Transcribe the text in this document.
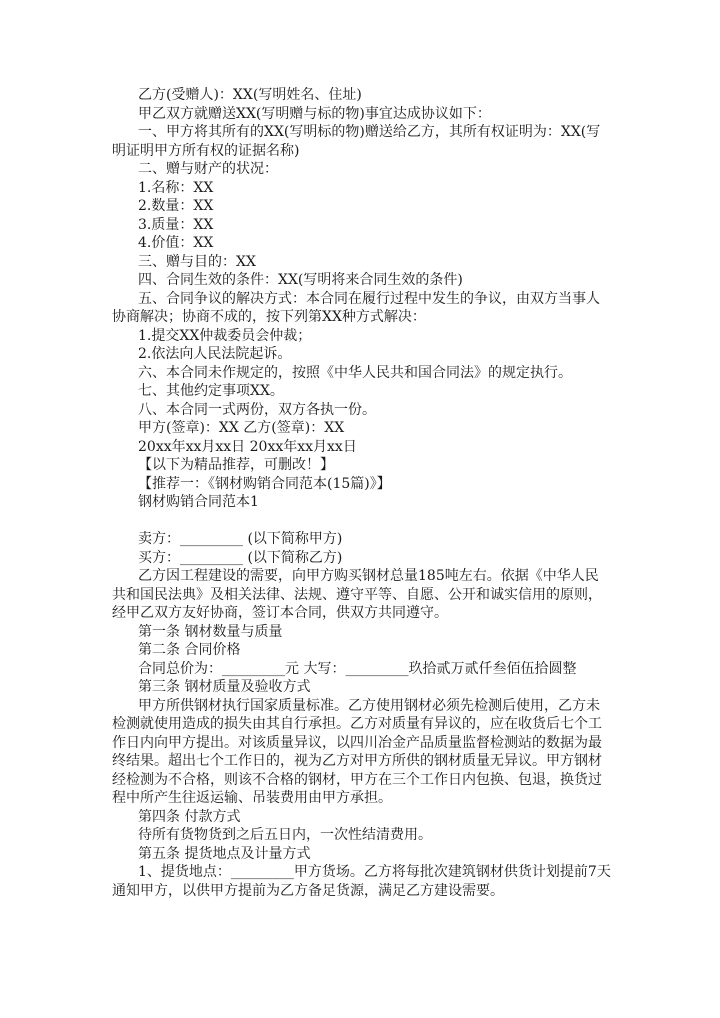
乙方(受赠人)：XX(写明姓名、住址)
甲乙双方就赠送XX(写明赠与标的物)事宜达成协议如下：
一、甲方将其所有的XX(写明标的物)赠送给乙方，其所有权证明为：XX(写明证明甲方所有权的证据名称)
二、赠与财产的状况：
1.名称：XX
2.数量：XX
3.质量：XX
4.价值：XX
三、赠与目的：XX
四、合同生效的条件：XX(写明将来合同生效的条件)
五、合同争议的解决方式：本合同在履行过程中发生的争议，由双方当事人协商解决；协商不成的，按下列第XX种方式解决：
1.提交XX仲裁委员会仲裁；
2.依法向人民法院起诉。
六、本合同未作规定的，按照《中华人民共和国合同法》的规定执行。
七、其他约定事项XX。
八、本合同一式两份，双方各执一份。
甲方(签章)：XX 乙方(签章)：XX
20xx年xx月xx日 20xx年xx月xx日
【以下为精品推荐，可删改！】
【推荐一：《钢材购销合同范本(15篇)》】
钢材购销合同范本1
卖方：_________ (以下简称甲方)
买方：_________ (以下简称乙方)
乙方因工程建设的需要，向甲方购买钢材总量185吨左右。依据《中华人民共和国民法典》及相关法律、法规、遵守平等、自愿、公开和诚实信用的原则，经甲乙双方友好协商，签订本合同，供双方共同遵守。
第一条 钢材数量与质量
第二条 合同价格
合同总价为：_________元 大写：_________玖拾贰万贰仟叁佰伍拾圆整
第三条 钢材质量及验收方式
甲方所供钢材执行国家质量标准。乙方使用钢材必须先检测后使用，乙方未检测就使用造成的损失由其自行承担。乙方对质量有异议的，应在收货后七个工作日内向甲方提出。对该质量异议，以四川冶金产品质量监督检测站的数据为最终结果。超出七个工作日的，视为乙方对甲方所供的钢材质量无异议。甲方钢材经检测为不合格，则该不合格的钢材，甲方在三个工作日内包换、包退，换货过程中所产生往返运输、吊装费用由甲方承担。
第四条 付款方式
待所有货物货到之后五日内，一次性结清费用。
第五条 提货地点及计量方式
1、提货地点：_________甲方货场。乙方将每批次建筑钢材供货计划提前7天通知甲方，以供甲方提前为乙方备足货源，满足乙方建设需要。
